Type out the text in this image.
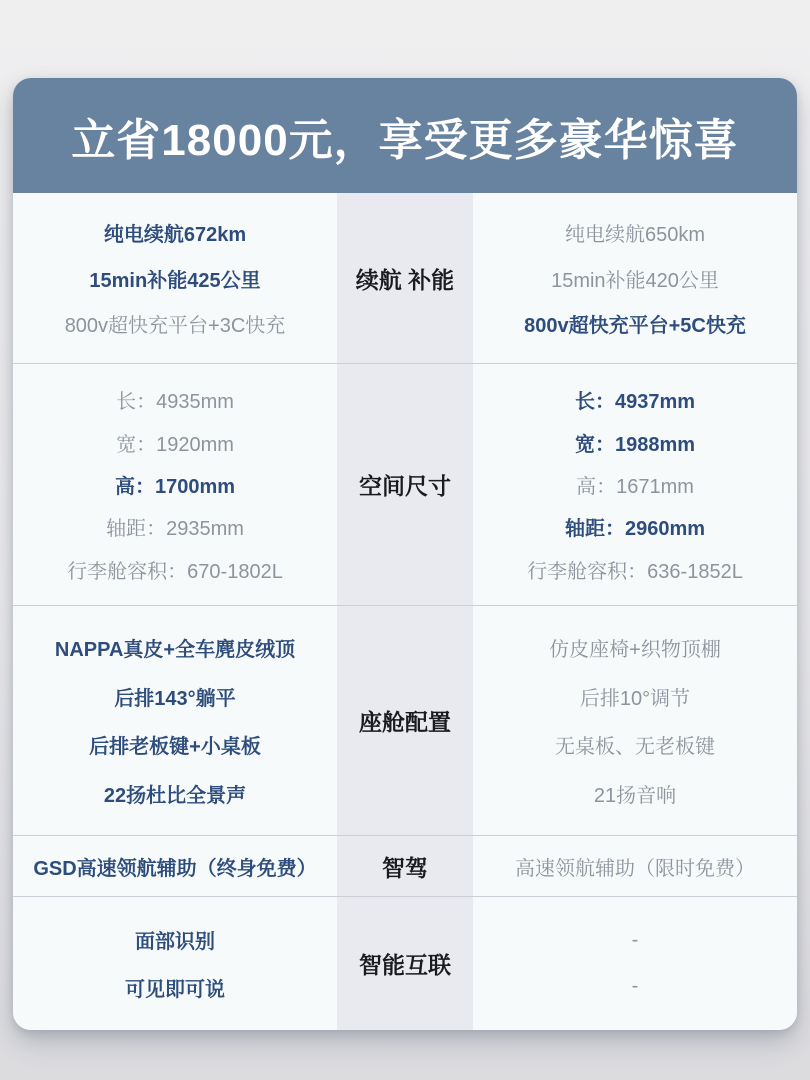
立省18000元，享受更多豪华惊喜
纯电续航672km
15min补能425公里
800v超快充平台+3C快充
续航 补能
纯电续航650km
15min补能420公里
800v超快充平台+5C快充
长：4935mm
宽：1920mm
高：1700mm
轴距：2935mm
行李舱容积：670-1802L
空间尺寸
长：4937mm
宽：1988mm
高：1671mm
轴距：2960mm
行李舱容积：636-1852L
NAPPA真皮+全车麂皮绒顶
后排143°躺平
后排老板键+小桌板
22扬杜比全景声
座舱配置
仿皮座椅+织物顶棚
后排10°调节
无桌板、无老板键
21扬音响
GSD高速领航辅助（终身免费）	智驾	高速领航辅助（限时免费）
面部识别
可见即可说
智能互联
-
-
